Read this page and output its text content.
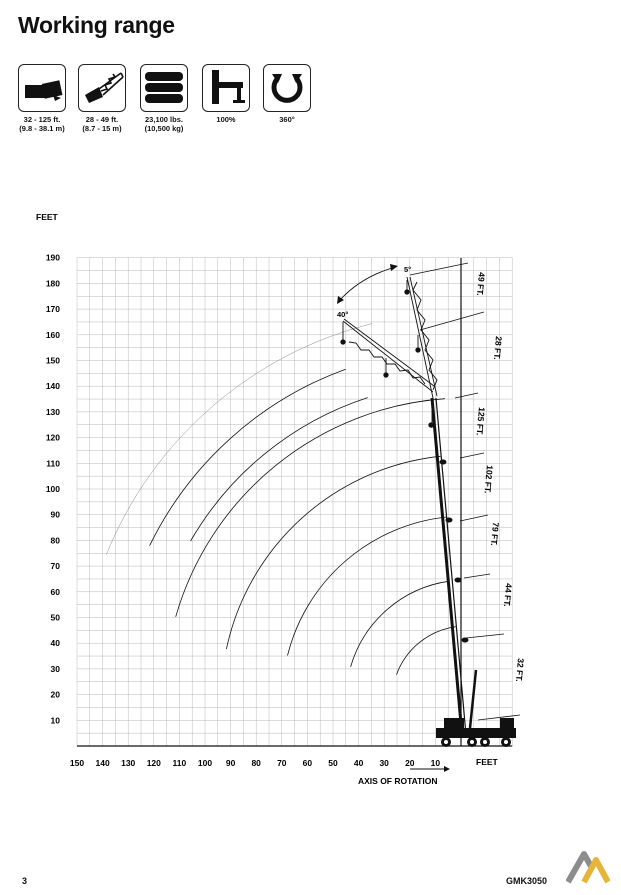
Working range
32 - 125 ft.
(9.8 - 38.1 m)
28 - 49 ft.
(8.7 - 15 m)
23,100 lbs.
(10,500 kg)
100%	360°
10
20
30
40
50
60
70
80
90
100
110
120
130
140
150
160
170
180
190
150 140 130 120 110 100 90 80 70 60 50 40 30 20 10
FEET
FEET
AXIS OF ROTATION
49 FT.
28 FT.
125 FT.
102 FT.
79 FT.
44 FT.
32 FT.
5°
40°
3	GMK3050
